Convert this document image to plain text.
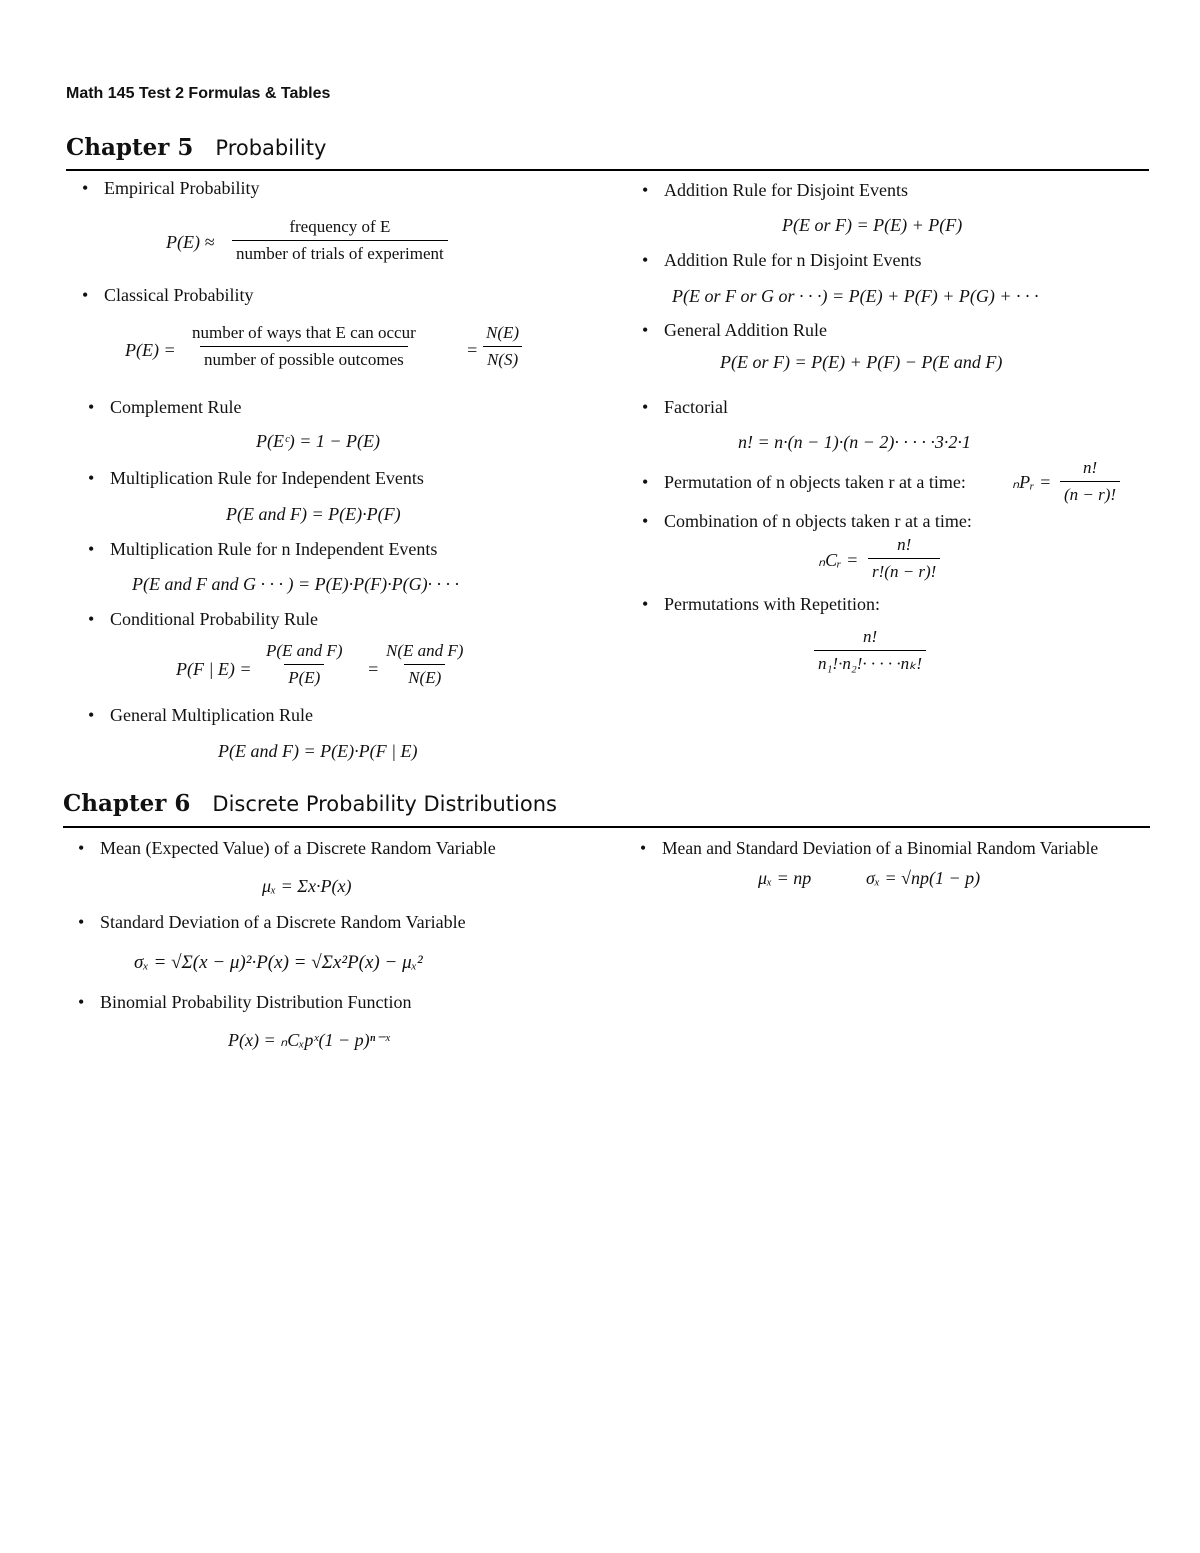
Math 145 Test 2 Formulas & Tables
Chapter 5 Probability
• Empirical Probability
P(E) ≈
frequency of E
number of trials of experiment
• Classical Probability
P(E) =
number of ways that E can occur
number of possible outcomes	= $\frac{N(E)}{N(S)}$
• Complement Rule
P(Eᶜ) = 1 − P(E)
• Multiplication Rule for Independent Events
P(E and F) = P(E)·P(F)
• Multiplication Rule for n Independent Events
P(E and F and G · · · ) = P(E)·P(F)·P(G)· · · ·
• Conditional Probability Rule
P(F | E) =
P(E and F)
P(E)	=
N(E and F)
N(E)
• General Multiplication Rule
P(E and F) = P(E)·P(F | E)
• Addition Rule for Disjoint Events
P(E or F) = P(E) + P(F)
• Addition Rule for n Disjoint Events
P(E or F or G or · · ·) = P(E) + P(F) + P(G) + · · ·
• General Addition Rule
P(E or F) = P(E) + P(F) − P(E and F)
• Factorial
n! = n·(n − 1)·(n − 2)· · · · ·3·2·1
• Permutation of n objects taken r at a time:	ₙPᵣ = $\frac{n!}{(n - r)!}$
• Combination of n objects taken r at a time:
ₙCᵣ = $\frac{n!}{r!(n - r)!}$
• Permutations with Repetition:
$\frac{n!}{\text{n₁!·n₂!· · · · ·nₖ!}}$
Chapter 6 Discrete Probability Distributions
• Mean (Expected Value) of a Discrete Random Variable
μₓ = Σx·P(x)
• Standard Deviation of a Discrete Random Variable
σₓ = √Σ(x − μ)²·P(x) = √Σx²P(x) − μₓ²
• Binomial Probability Distribution Function
P(x) = ₙCₓpˣ(1 − p)ⁿ⁻ˣ
• Mean and Standard Deviation of a Binomial Random Variable
μₓ = np	σₓ = √np(1 − p)
